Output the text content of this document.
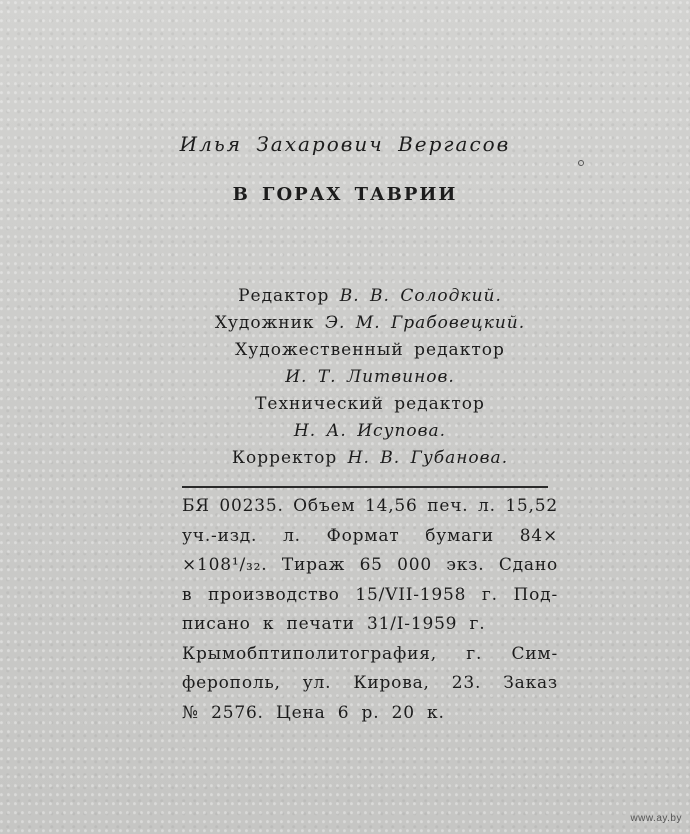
Илья Захарович Вергасов
В ГОРАХ ТАВРИИ
Редактор В. В. Солодкий.
Художник Э. М. Грабовецкий.
Художественный редактор
И. Т. Литвинов.
Технический редактор
Н. А. Исупова.
Корректор Н. В. Губанова.
БЯ 00235. Объем 14,56 печ. л. 15,52
уч.-изд. л. Формат бумаги 84×
×108¹/₃₂. Тираж 65 000 экз. Сдано
в производство 15/VII-1958 г. Под-
писано к печати 31/I-1959 г.
Крымобптиполитография, г. Сим-
ферополь, ул. Кирова, 23. Заказ
№ 2576. Цена 6 р. 20 к.
www.ay.by
